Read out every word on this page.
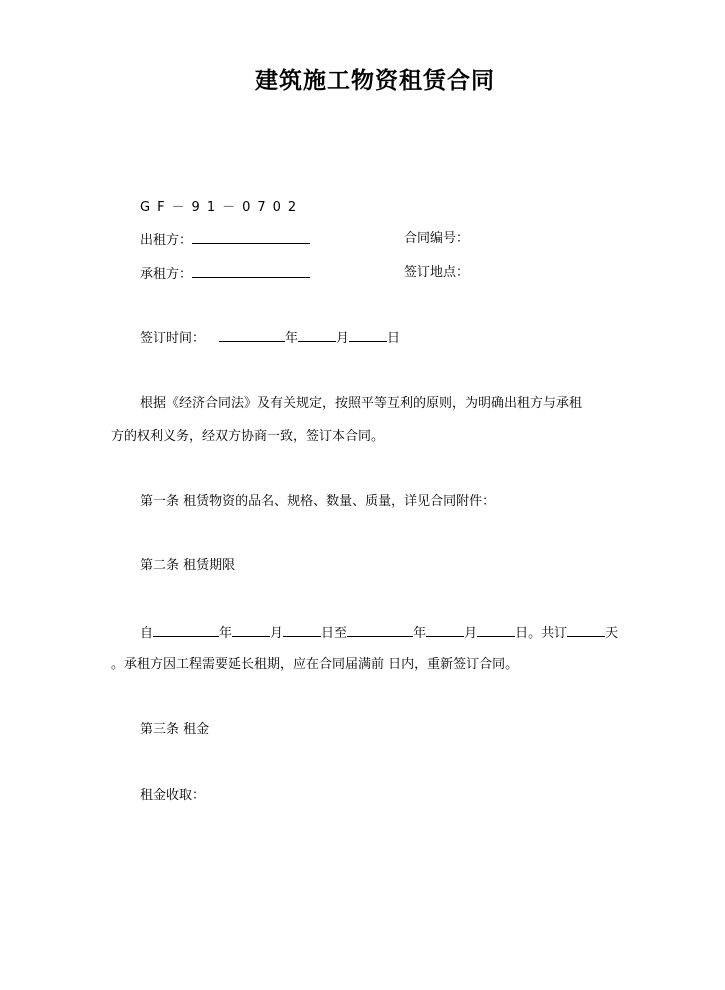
建筑施工物资租赁合同
GF－91－0702
出租方：	合同编号：
承租方：	签订地点：
签订时间：	年	月	日
根据《经济合同法》及有关规定，按照平等互利的原则，为明确出租方与承租
方的权利义务，经双方协商一致，签订本合同。
第一条 租赁物资的品名、规格、数量、质量，详见合同附件：
第二条 租赁期限
自	年	月	日至	年	月	日。共订	天
。承租方因工程需要延长租期，应在合同届满前 日内，重新签订合同。
第三条 租金
租金收取：
